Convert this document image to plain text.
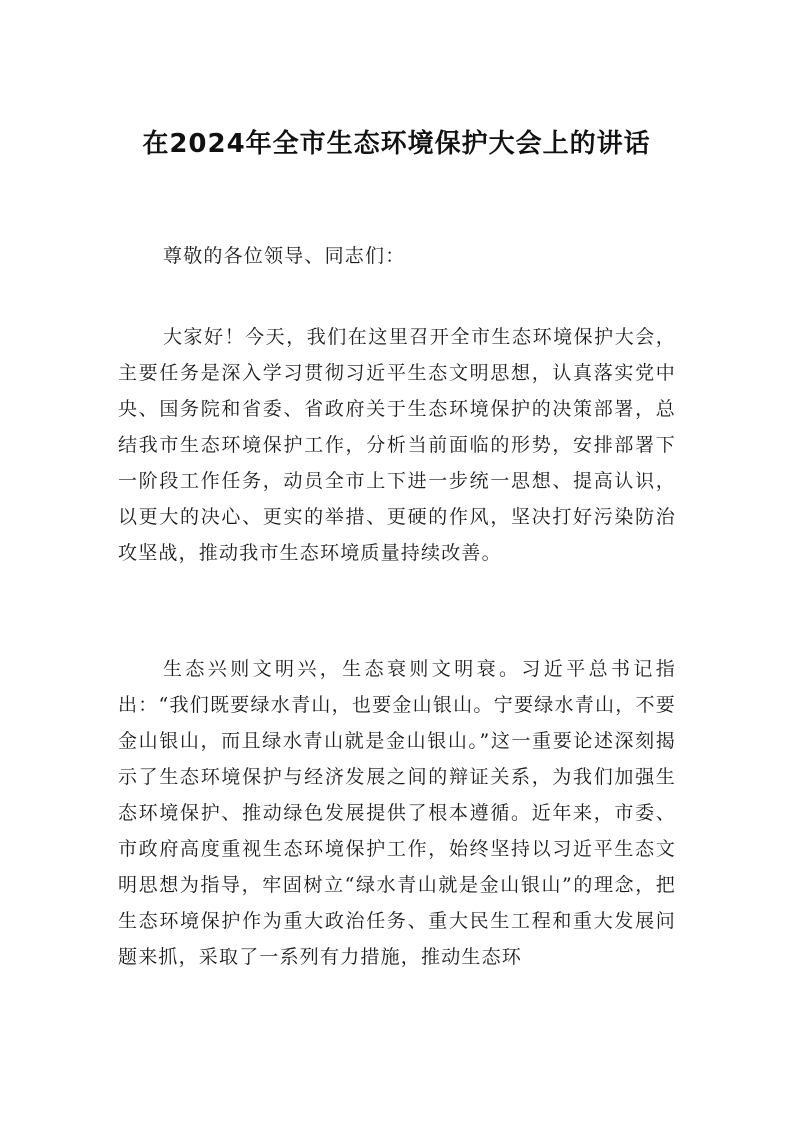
在2024年全市生态环境保护大会上的讲话

尊敬的各位领导、同志们：

大家好！今天，我们在这里召开全市生态环境保护大会，主要任务是深入学习贯彻习近平生态文明思想，认真落实党中央、国务院和省委、省政府关于生态环境保护的决策部署，总结我市生态环境保护工作，分析当前面临的形势，安排部署下一阶段工作任务，动员全市上下进一步统一思想、提高认识，以更大的决心、更实的举措、更硬的作风，坚决打好污染防治攻坚战，推动我市生态环境质量持续改善。

生态兴则文明兴，生态衰则文明衰。习近平总书记指出：“我们既要绿水青山，也要金山银山。宁要绿水青山，不要金山银山，而且绿水青山就是金山银山。”这一重要论述深刻揭示了生态环境保护与经济发展之间的辩证关系，为我们加强生态环境保护、推动绿色发展提供了根本遵循。近年来，市委、市政府高度重视生态环境保护工作，始终坚持以习近平生态文明思想为指导，牢固树立“绿水青山就是金山银山”的理念，把生态环境保护作为重大政治任务、重大民生工程和重大发展问题来抓，采取了一系列有力措施，推动生态环
